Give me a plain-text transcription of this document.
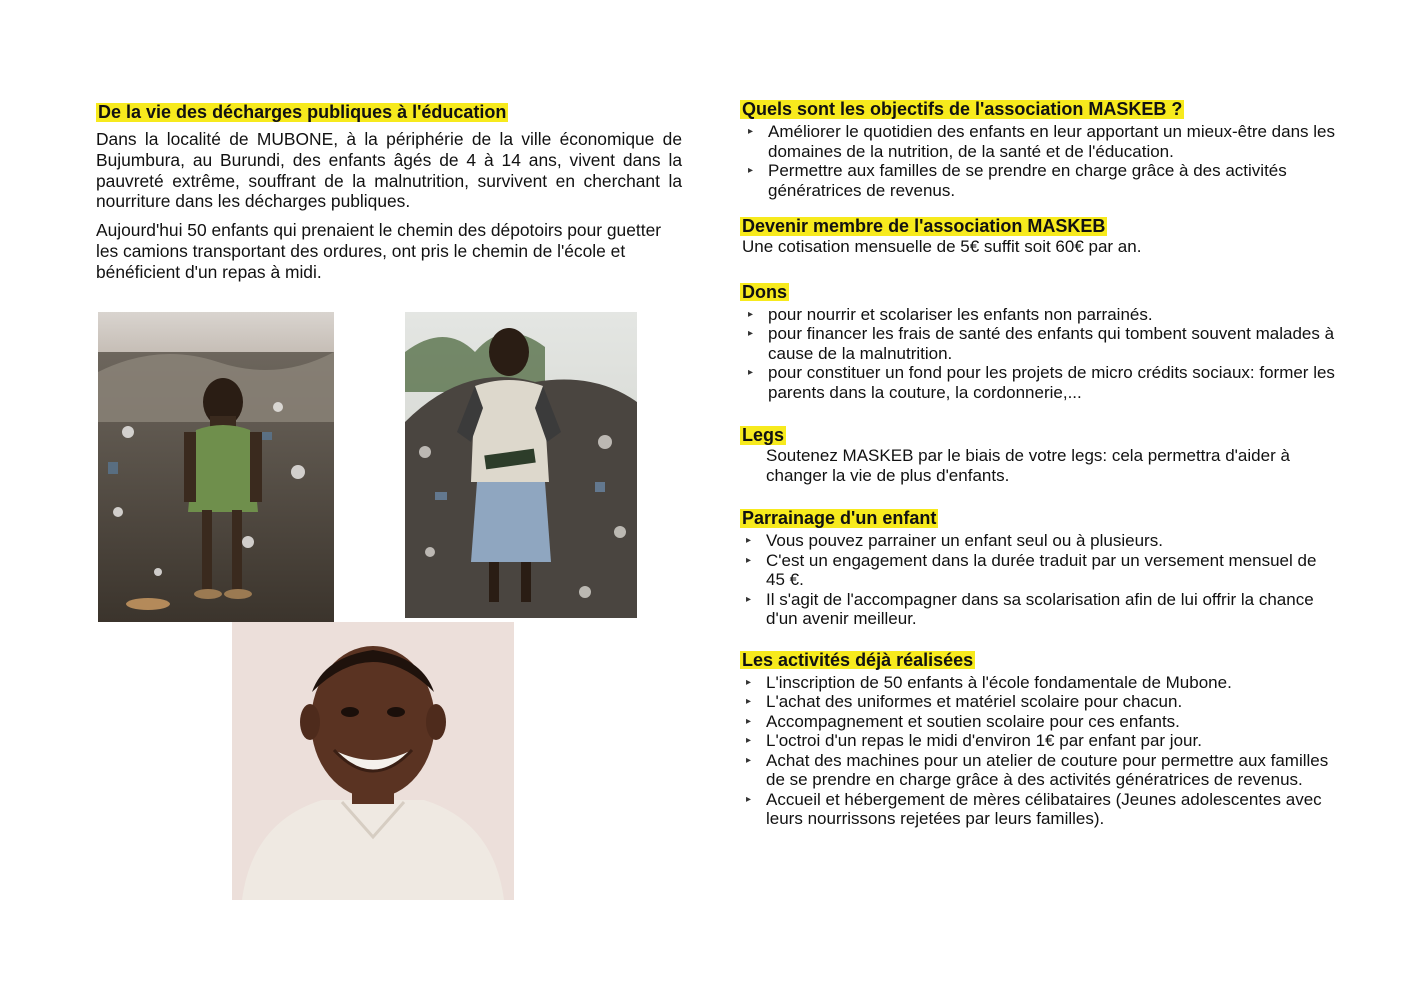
De la vie des décharges publiques à l'éducation

Dans la localité de MUBONE, à la périphérie de la ville économique de Bujumbura, au Burundi, des enfants âgés de 4 à 14 ans, vivent dans la pauvreté extrême, souffrant de la malnutrition, survivent en cherchant la nourriture dans les décharges publiques.

Aujourd'hui 50 enfants qui prenaient le chemin des dépotoirs pour guetter les camions transportant des ordures, ont pris le chemin de l'école et bénéficient d'un repas à midi.

Quels sont les objectifs de l'association MASKEB ?
▸ Améliorer le quotidien des enfants en leur apportant un mieux-être dans les domaines de la nutrition, de la santé et de l'éducation.
▸ Permettre aux familles de se prendre en charge grâce à des activités génératrices de revenus.
Devenir membre de l'association MASKEB

Une cotisation mensuelle de 5€ suffit soit 60€ par an.

Dons
▸ pour nourrir et scolariser les enfants non parrainés.
▸ pour financer les frais de santé des enfants qui tombent souvent malades à cause de la malnutrition.
▸ pour constituer un fond pour les projets de micro crédits sociaux: former les parents dans la couture, la cordonnerie,...
Legs

Soutenez MASKEB par le biais de votre legs: cela permettra d'aider à changer la vie de plus d'enfants.

Parrainage d'un enfant
▸ Vous pouvez parrainer un enfant seul ou à plusieurs.
▸ C'est un engagement dans la durée traduit par un versement mensuel de 45 €.
▸ Il s'agit de l'accompagner dans sa scolarisation afin de lui offrir la chance d'un avenir meilleur.
Les activités déjà réalisées
▸ L'inscription de 50 enfants à l'école fondamentale de Mubone.
▸ L'achat des uniformes et matériel scolaire pour chacun.
▸ Accompagnement et soutien scolaire pour ces enfants.
▸ L'octroi d'un repas le midi d'environ 1€ par enfant par jour.
▸ Achat des machines pour un atelier de couture pour permettre aux familles de se prendre en charge grâce à des activités génératrices de revenus.
▸ Accueil et hébergement de mères célibataires (Jeunes adolescentes avec leurs nourrissons rejetées par leurs familles).
